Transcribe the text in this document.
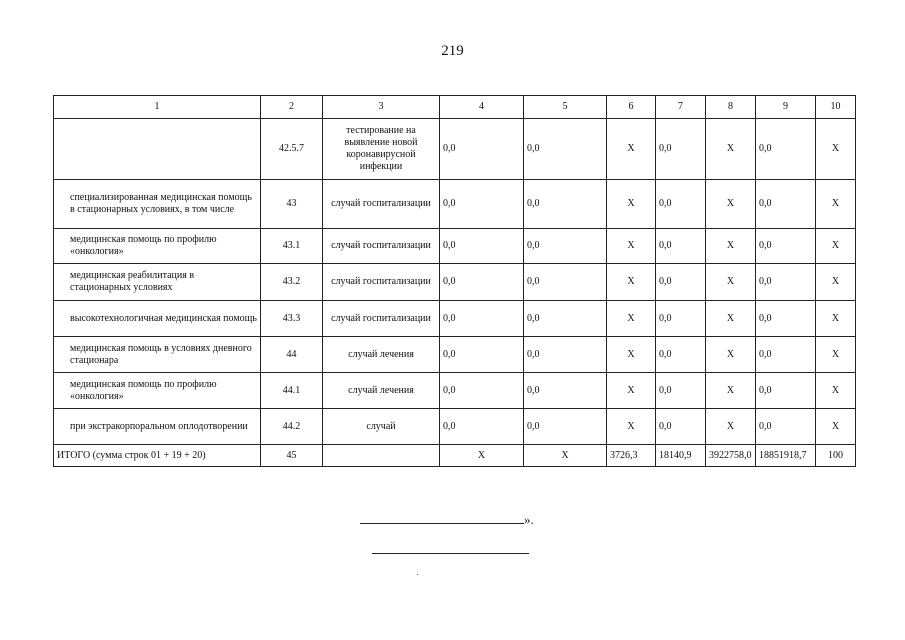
219
1	2	3	4	5	6	7	8	9	10

	42.5.7	тестирование на выявление новой коронавирусной инфекции	0,0	0,0	X	0,0	X	0,0	X

специализированная медицинская помощь в стационарных условиях, в том числе	43	случай госпитализации	0,0	0,0	X	0,0	X	0,0	X

медицинская помощь по профилю «онкология»	43.1	случай госпитализации	0,0	0,0	X	0,0	X	0,0	X

медицинская реабилитация в стационарных условиях	43.2	случай госпитализации	0,0	0,0	X	0,0	X	0,0	X

высокотехнологичная медицинская помощь	43.3	случай госпитализации	0,0	0,0	X	0,0	X	0,0	X

медицинская помощь в условиях дневного стационара	44	случай лечения	0,0	0,0	X	0,0	X	0,0	X

медицинская помощь по профилю «онкология»	44.1	случай лечения	0,0	0,0	X	0,0	X	0,0	X

при экстракорпоральном оплодотворении	44.2	случай	0,0	0,0	X	0,0	X	0,0	X
ИТОГО (сумма строк 01 + 19 + 20)	45		X	X	3726,3	18140,9	3922758,0	18851918,7	100
».
